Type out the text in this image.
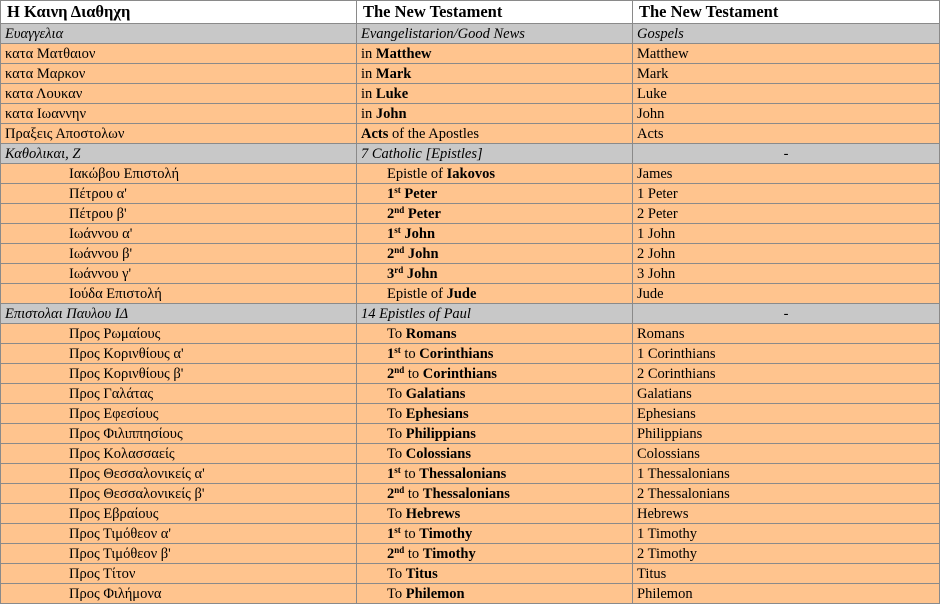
Η Καινη Διαθηχη	The New Testament	The New Testament
Ευαγγελια	Evangelistarion/Good News	Gospels
κατα Ματθαιον	in Matthew	Matthew
κατα Μαρκον	in Mark	Mark
κατα Λουκαν	in Luke	Luke
κατα Ιωαννην	in John	John
Πραξεις Αποστολων	Acts of the Apostles	Acts
Καθολικαι, Ζ	7 Catholic [Epistles]	-
Ιακώβου Επιστολή	Epistle of Iakovos	James
Πέτρου α'	1st Peter	1 Peter
Πέτρου β'	2nd Peter	2 Peter
Ιωάννου α'	1st John	1 John
Ιωάννου β'	2nd John	2 John
Ιωάννου γ'	3rd John	3 John
Ιούδα Επιστολή	Epistle of Jude	Jude
Επιστολαι Παυλου ΙΔ	14 Epistles of Paul	-
Προς Ρωμαίους	To Romans	Romans
Προς Κορινθίους α'	1st to Corinthians	1 Corinthians
Προς Κορινθίους β'	2nd to Corinthians	2 Corinthians
Προς Γαλάτας	To Galatians	Galatians
Προς Εφεσίους	To Ephesians	Ephesians
Προς Φιλιππησίους	To Philippians	Philippians
Προς Κολασσαείς	To Colossians	Colossians
Προς Θεσσαλονικείς α'	1st to Thessalonians	1 Thessalonians
Προς Θεσσαλονικείς β'	2nd to Thessalonians	2 Thessalonians
Προς Εβραίους	To Hebrews	Hebrews
Προς Τιμόθεον α'	1st to Timothy	1 Timothy
Προς Τιμόθεον β'	2nd to Timothy	2 Timothy
Προς Τίτον	To Titus	Titus
Προς Φιλήμονα	To Philemon	Philemon
